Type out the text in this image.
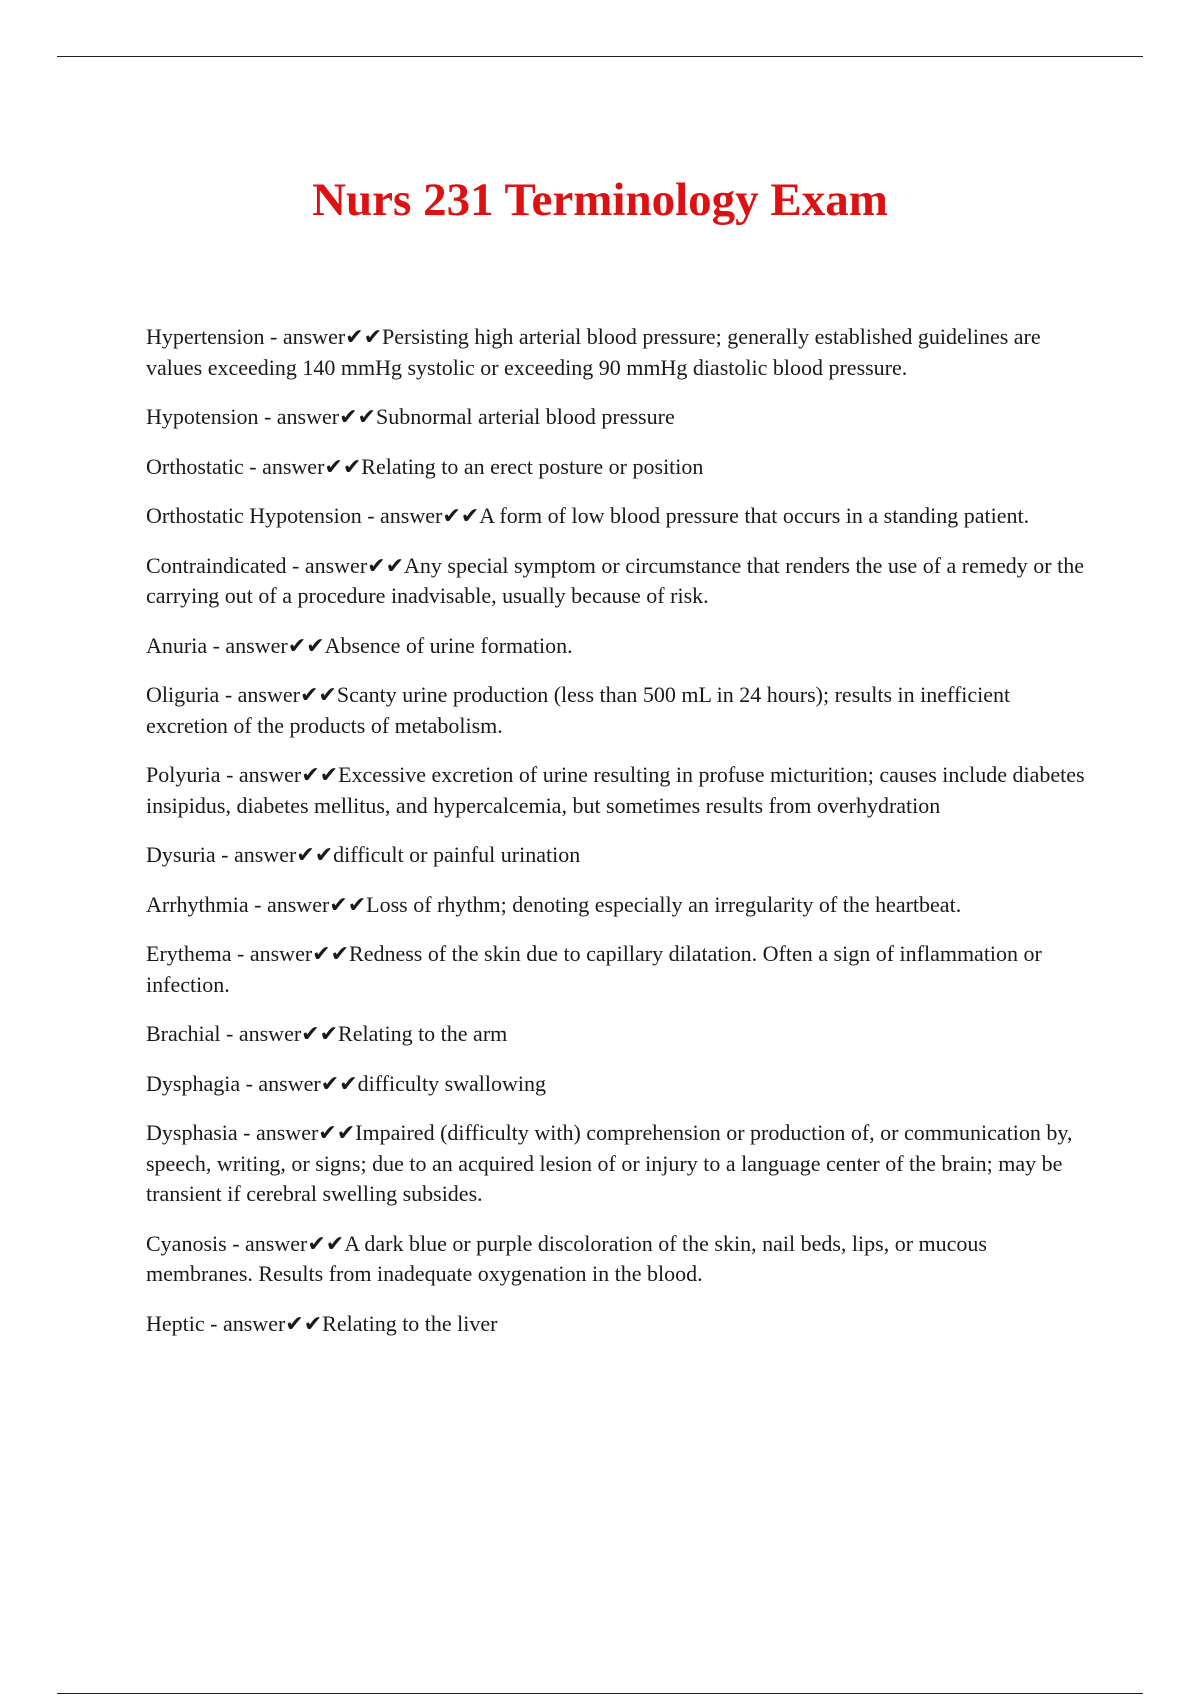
Nurs 231 Terminology Exam

Hypertension - answer✔✔Persisting high arterial blood pressure; generally established guidelines are values exceeding 140 mmHg systolic or exceeding 90 mmHg diastolic blood pressure.

Hypotension - answer✔✔Subnormal arterial blood pressure

Orthostatic - answer✔✔Relating to an erect posture or position

Orthostatic Hypotension - answer✔✔A form of low blood pressure that occurs in a standing patient.

Contraindicated - answer✔✔Any special symptom or circumstance that renders the use of a remedy or the carrying out of a procedure inadvisable, usually because of risk.

Anuria - answer✔✔Absence of urine formation.

Oliguria - answer✔✔Scanty urine production (less than 500 mL in 24 hours); results in inefficient excretion of the products of metabolism.

Polyuria - answer✔✔Excessive excretion of urine resulting in profuse micturition; causes include diabetes insipidus, diabetes mellitus, and hypercalcemia, but sometimes results from overhydration

Dysuria - answer✔✔difficult or painful urination

Arrhythmia - answer✔✔Loss of rhythm; denoting especially an irregularity of the heartbeat.

Erythema - answer✔✔Redness of the skin due to capillary dilatation. Often a sign of inflammation or infection.

Brachial - answer✔✔Relating to the arm

Dysphagia - answer✔✔difficulty swallowing

Dysphasia - answer✔✔Impaired (difficulty with) comprehension or production of, or communication by, speech, writing, or signs; due to an acquired lesion of or injury to a language center of the brain; may be transient if cerebral swelling subsides.

Cyanosis - answer✔✔A dark blue or purple discoloration of the skin, nail beds, lips, or mucous membranes. Results from inadequate oxygenation in the blood.

Heptic - answer✔✔Relating to the liver
